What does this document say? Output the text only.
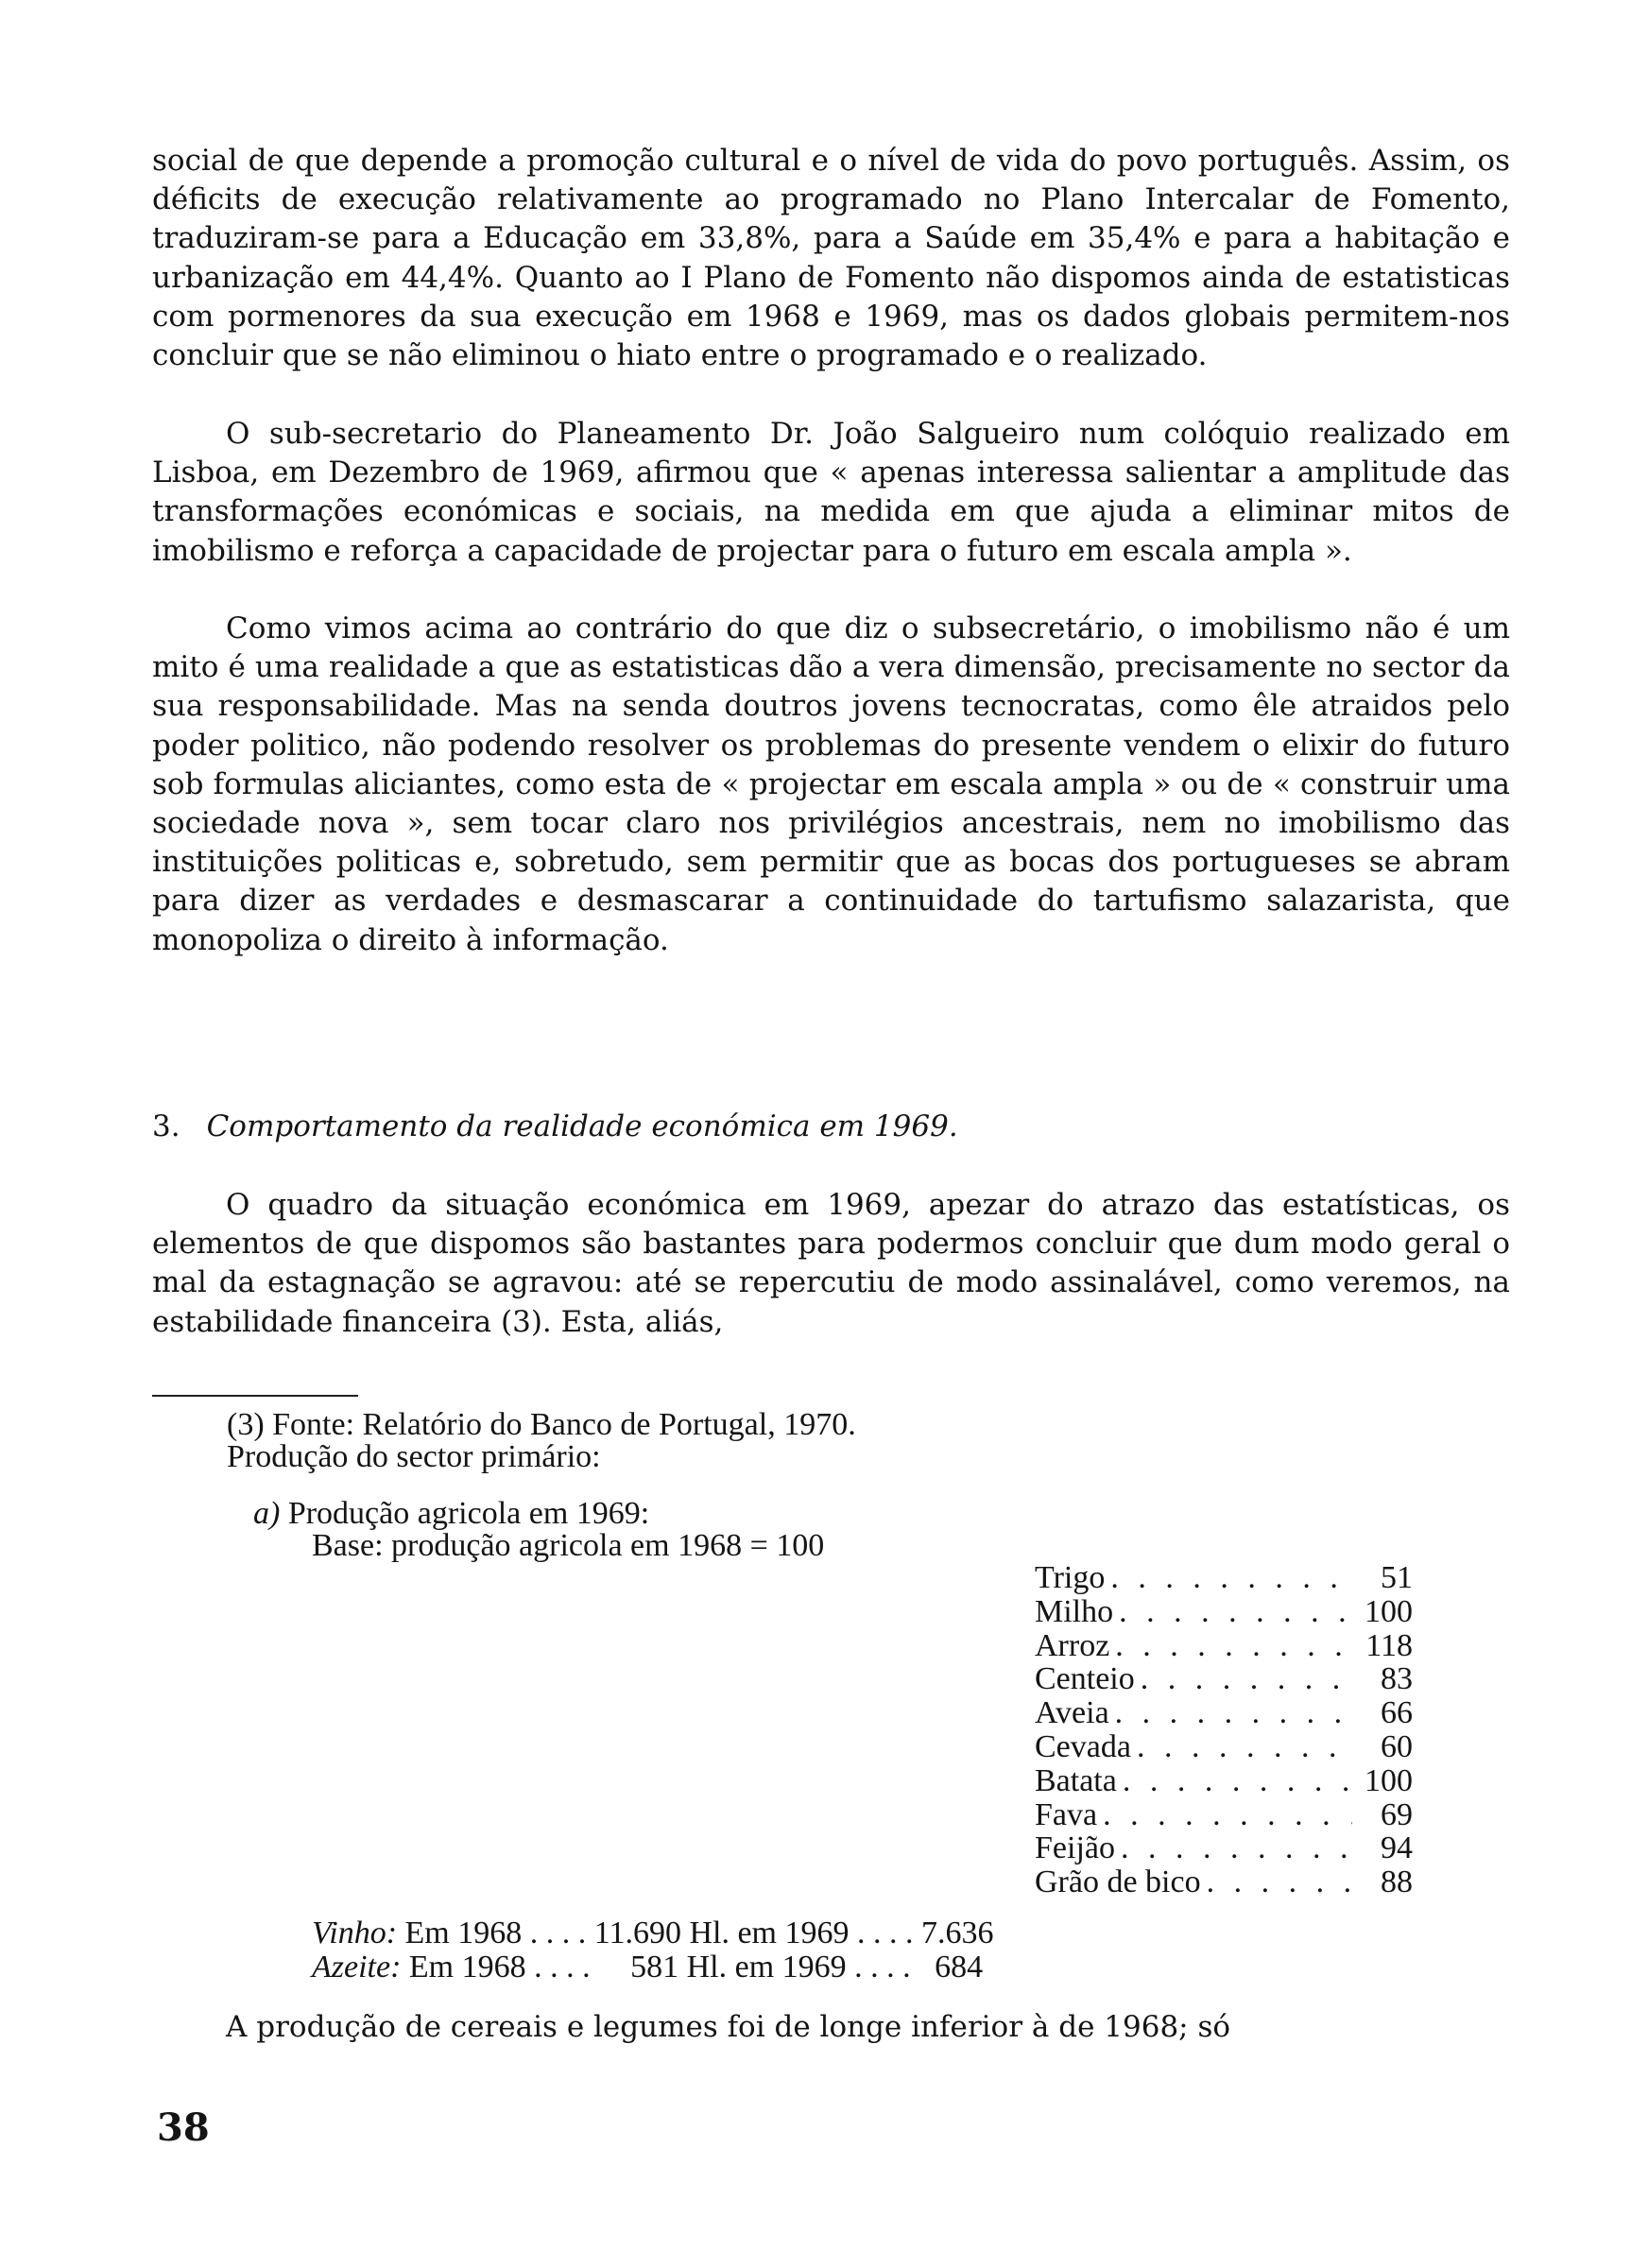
social de que depende a promoção cultural e o nível de vida do povo português. Assim, os déficits de execução relativamente ao programado no Plano Intercalar de Fomento, traduziram-se para a Educação em 33,8%, para a Saúde em 35,4% e para a habitação e urbanização em 44,4%. Quanto ao I Plano de Fomento não dispomos ainda de estatisticas com pormenores da sua execução em 1968 e 1969, mas os dados globais permitem-nos concluir que se não eliminou o hiato entre o programado e o realizado.

O sub-secretario do Planeamento Dr. João Salgueiro num colóquio realizado em Lisboa, em Dezembro de 1969, afirmou que « apenas interessa salientar a amplitude das transformações económicas e sociais, na medida em que ajuda a eliminar mitos de imobilismo e reforça a capacidade de projectar para o futuro em escala ampla ».

Como vimos acima ao contrário do que diz o subsecretário, o imobilismo não é um mito é uma realidade a que as estatisticas dão a vera dimensão, precisamente no sector da sua responsabilidade. Mas na senda doutros jovens tecnocratas, como êle atraidos pelo poder politico, não podendo resolver os problemas do presente vendem o elixir do futuro sob formulas aliciantes, como esta de « projectar em escala ampla » ou de « construir uma sociedade nova », sem tocar claro nos privilégios ancestrais, nem no imobilismo das instituições politicas e, sobretudo, sem permitir que as bocas dos portugueses se abram para dizer as verdades e desmascarar a continuidade do tartufismo salazarista, que monopoliza o direito à informação.

3. Comportamento da realidade económica em 1969.

O quadro da situação económica em 1969, apezar do atrazo das estatísticas, os elementos de que dispomos são bastantes para podermos concluir que dum modo geral o mal da estagnação se agravou: até se repercutiu de modo assinalável, como veremos, na estabilidade financeira (3). Esta, aliás,

(3) Fonte: Relatório do Banco de Portugal, 1970.

Produção do sector primário:

a) Produção agricola em 1969:

Base: produção agricola em 1968 = 100

Trigo . . .	51
Milho . . .	100
Arroz . . .	118
Centeio . . .	83
Aveia . . .	66
Cevada . . .	60
Batata . . .	100
Fava . . .	69
Feijão . . .	94
Grão de bico . . .	88

Vinho: Em 1968 . . . . 11.690 Hl. em 1969 . . . . 7.636

Azeite: Em 1968 . . . .     581 Hl. em 1969 . . . .   684

A produção de cereais e legumes foi de longe inferior à de 1968; só

38
